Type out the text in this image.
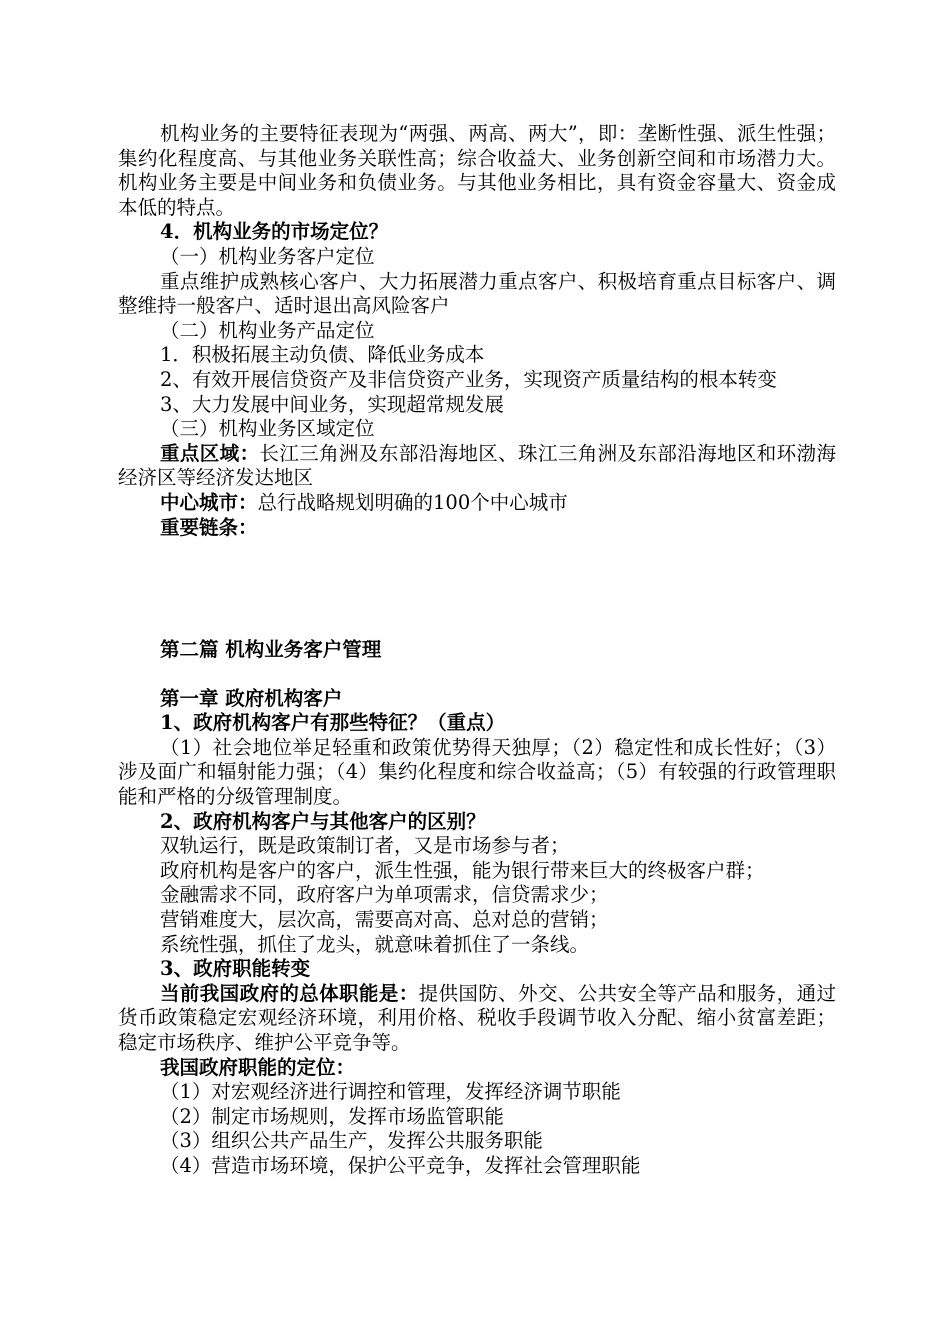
机构业务的主要特征表现为“两强、两高、两大”，即：垄断性强、派生性强；集约化程度高、与其他业务关联性高；综合收益大、业务创新空间和市场潜力大。机构业务主要是中间业务和负债业务。与其他业务相比，具有资金容量大、资金成本低的特点。

4．机构业务的市场定位？

（一）机构业务客户定位

重点维护成熟核心客户、大力拓展潜力重点客户、积极培育重点目标客户、调整维持一般客户、适时退出高风险客户

（二）机构业务产品定位

1．积极拓展主动负债、降低业务成本

2、有效开展信贷资产及非信贷资产业务，实现资产质量结构的根本转变

3、大力发展中间业务，实现超常规发展

（三）机构业务区域定位

重点区域：长江三角洲及东部沿海地区、珠江三角洲及东部沿海地区和环渤海经济区等经济发达地区

中心城市：总行战略规划明确的100个中心城市

重要链条：

第二篇 机构业务客户管理

第一章 政府机构客户

1、政府机构客户有那些特征？（重点）

（1）社会地位举足轻重和政策优势得天独厚；（2）稳定性和成长性好；（3）涉及面广和辐射能力强；（4）集约化程度和综合收益高；（5）有较强的行政管理职能和严格的分级管理制度。

2、政府机构客户与其他客户的区别？

双轨运行，既是政策制订者，又是市场参与者；

政府机构是客户的客户，派生性强，能为银行带来巨大的终极客户群；

金融需求不同，政府客户为单项需求，信贷需求少；

营销难度大，层次高，需要高对高、总对总的营销；

系统性强，抓住了龙头，就意味着抓住了一条线。

3、政府职能转变

当前我国政府的总体职能是：提供国防、外交、公共安全等产品和服务，通过货币政策稳定宏观经济环境，利用价格、税收手段调节收入分配、缩小贫富差距；稳定市场秩序、维护公平竞争等。

我国政府职能的定位：

（1）对宏观经济进行调控和管理，发挥经济调节职能

（2）制定市场规则，发挥市场监管职能

（3）组织公共产品生产，发挥公共服务职能

（4）营造市场环境，保护公平竞争，发挥社会管理职能
